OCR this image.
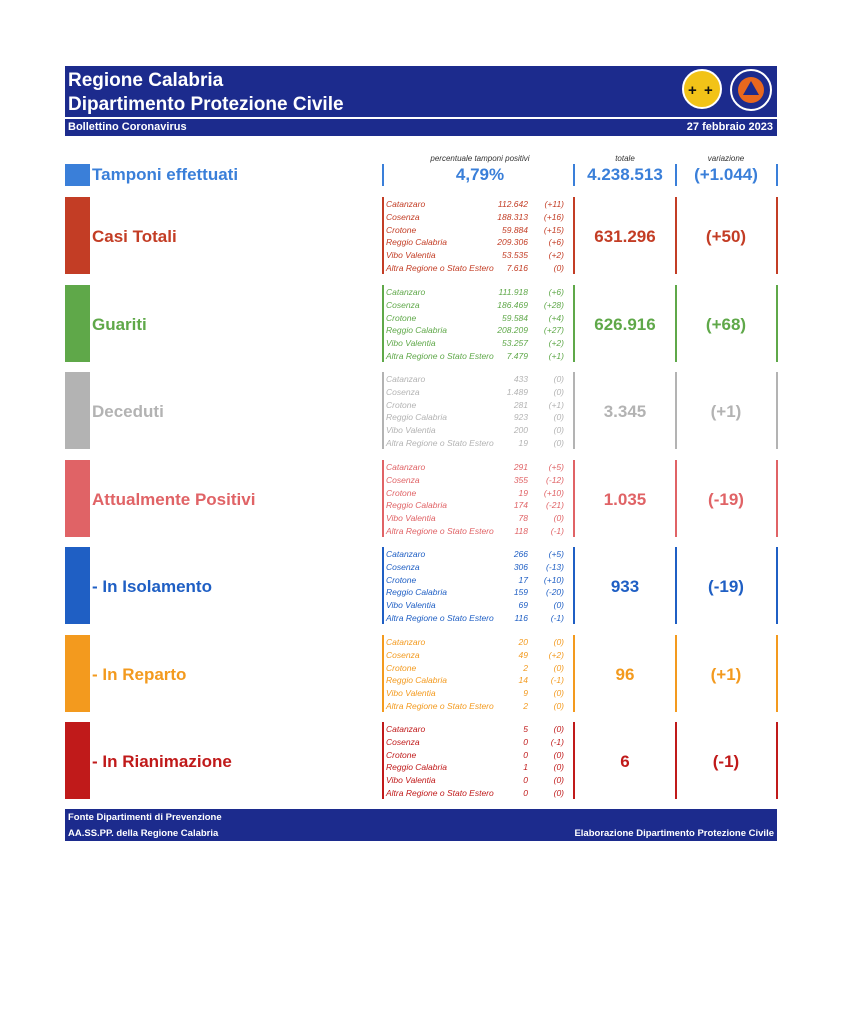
Regione Calabria
Dipartimento Protezione Civile
+ +
Bollettino Coronavirus	27 febbraio 2023
percentuale tamponi positivi	totale	variazione
Tamponi effettuati	4,79%	4.238.513	(+1.044)
Casi Totali
Catanzaro	112.642	(+11)
Cosenza	188.313	(+16)
Crotone	59.884	(+15)
Reggio Calabria	209.306	(+6)
Vibo Valentia	53.535	(+2)
Altra Regione o Stato Estero 7.616	(0)
631.296	(+50)
Guariti
Catanzaro	111.918	(+6)
Cosenza	186.469	(+28)
Crotone	59.584	(+4)
Reggio Calabria	208.209	(+27)
Vibo Valentia	53.257	(+2)
Altra Regione o Stato Estero 7.479	(+1)
626.916	(+68)
Deceduti
Catanzaro	433	(0)
Cosenza	1.489	(0)
Crotone	281	(+1)
Reggio Calabria	923	(0)
Vibo Valentia	200	(0)
Altra Regione o Stato Estero	19	(0)
3.345	(+1)
Attualmente Positivi
Catanzaro	291	(+5)
Cosenza	355	(-12)
Crotone	19	(+10)
Reggio Calabria	174	(-21)
Vibo Valentia	78	(0)
Altra Regione o Stato Estero 118	(-1)
1.035	(-19)
- In Isolamento
Catanzaro	266	(+5)
Cosenza	306	(-13)
Crotone	17	(+10)
Reggio Calabria	159	(-20)
Vibo Valentia	69	(0)
Altra Regione o Stato Estero 116	(-1)
933	(-19)
- In Reparto
Catanzaro	20	(0)
Cosenza	49	(+2)
Crotone	2	(0)
Reggio Calabria	14	(-1)
Vibo Valentia	9	(0)
Altra Regione o Stato Estero	2	(0)
96	(+1)
- In Rianimazione
Catanzaro	5	(0)
Cosenza	0	(-1)
Crotone	0	(0)
Reggio Calabria	1	(0)
Vibo Valentia	0	(0)
Altra Regione o Stato Estero	0	(0)
6	(-1)
Fonte Dipartimenti di Prevenzione
AA.SS.PP. della Regione Calabria	Elaborazione Dipartimento Protezione Civile
